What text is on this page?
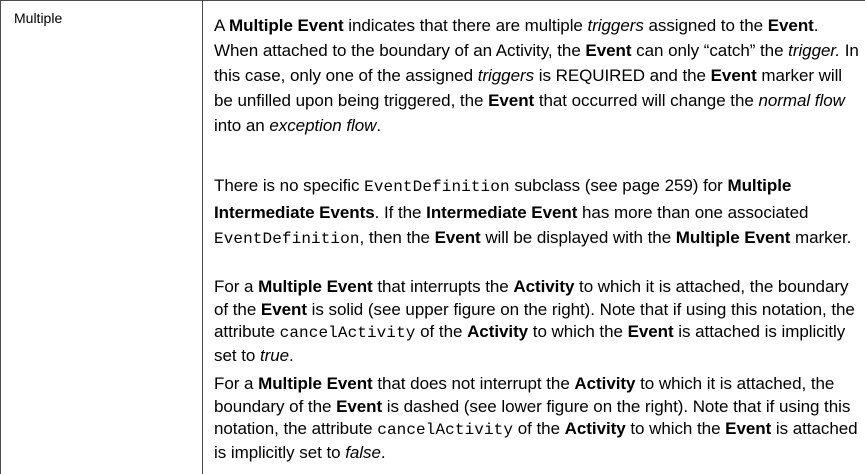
Multiple	A Multiple Event indicates that there are multiple triggers assigned to the Event. When attached to the boundary of an Activity, the Event can only “catch” the trigger. In this case, only one of the assigned triggers is REQUIRED and the Event marker will be unfilled upon being triggered, the Event that occurred will change the normal flow into an exception flow.

There is no specific EventDefinition subclass (see page 259) for Multiple Intermediate Events. If the Intermediate Event has more than one associated EventDefinition, then the Event will be displayed with the Multiple Event marker.

For a Multiple Event that interrupts the Activity to which it is attached, the boundary of the Event is solid (see upper figure on the right). Note that if using this notation, the attribute cancelActivity of the Activity to which the Event is attached is implicitly set to true.

For a Multiple Event that does not interrupt the Activity to which it is attached, the boundary of the Event is dashed (see lower figure on the right). Note that if using this notation, the attribute cancelActivity of the Activity to which the Event is attached is implicitly set to false.
